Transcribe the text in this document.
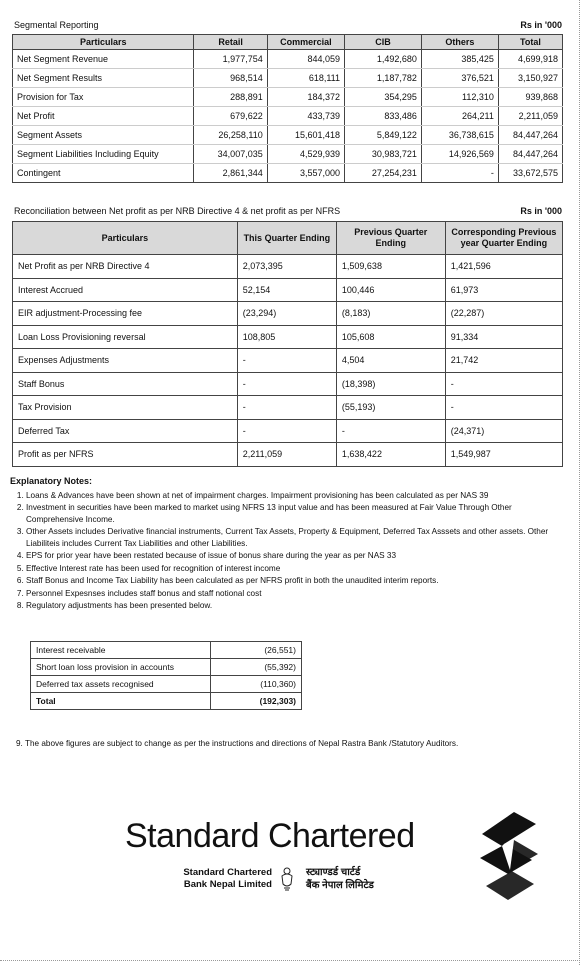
Segmental Reporting	Rs in '000
Particulars	Retail	Commercial	CIB	Others	Total
Net Segment Revenue	1,977,754	844,059	1,492,680	385,425	4,699,918
Net Segment Results	968,514	618,111	1,187,782	376,521	3,150,927
Provision for Tax	288,891	184,372	354,295	112,310	939,868
Net Profit	679,622	433,739	833,486	264,211	2,211,059
Segment Assets	26,258,110	15,601,418	5,849,122	36,738,615	84,447,264
Segment Liabilities Including Equity	34,007,035	4,529,939	30,983,721	14,926,569	84,447,264
Contingent	2,861,344	3,557,000	27,254,231	-	33,672,575
Reconciliation between Net profit as per NRB Directive 4 & net profit as per NFRS	Rs in '000
Particulars	This Quarter Ending	Previous Quarter Ending	Corresponding Previous year Quarter Ending
Net Profit as per NRB Directive 4	2,073,395	1,509,638	1,421,596
Interest Accrued	52,154	100,446	61,973
EIR adjustment-Processing fee	(23,294)	(8,183)	(22,287)
Loan Loss Provisioning reversal	108,805	105,608	91,334
Expenses Adjustments	-	4,504	21,742
Staff Bonus	-	(18,398)	-
Tax Provision	-	(55,193)	-
Deferred Tax	-	-	(24,371)
Profit as per NFRS	2,211,059	1,638,422	1,549,987
Explanatory Notes:
1. Loans & Advances have been shown at net of impairment charges. Impairment provisioning has been calculated as per NAS 39
2. Investment in securities have been marked to market using NFRS 13 input value and has been measured at Fair Value Through Other Comprehensive Income.
3. Other Assets includes Derivative financial instruments, Current Tax Assets, Property & Equipment, Deferred Tax Asssets and other assets. Other Liabiliteis includes Current Tax Liabilities and other Liabilities.
4. EPS for prior year have been restated because of issue of bonus share during the year as per NAS 33
5. Effective Interest rate has been used for recognition of interest income
6. Staff Bonus and Income Tax Liability has been calculated as per NFRS profit in both the unaudited interim reports.
7. Personnel Expesnses includes staff bonus and staff notional cost
8. Regulatory adjustments has been presented below.
Interest receivable	(26,551)
Short loan loss provision in accounts	(55,392)
Deferred tax assets recognised	(110,360)
Total	(192,303)
9. The above figures are subject to change as per the instructions and directions of Nepal Rastra Bank /Statutory Auditors.
Standard Chartered
Standard Chartered
Bank Nepal Limited
स्ट्याण्डर्ड चार्टर्ड
बैंक नेपाल लिमिटेड
